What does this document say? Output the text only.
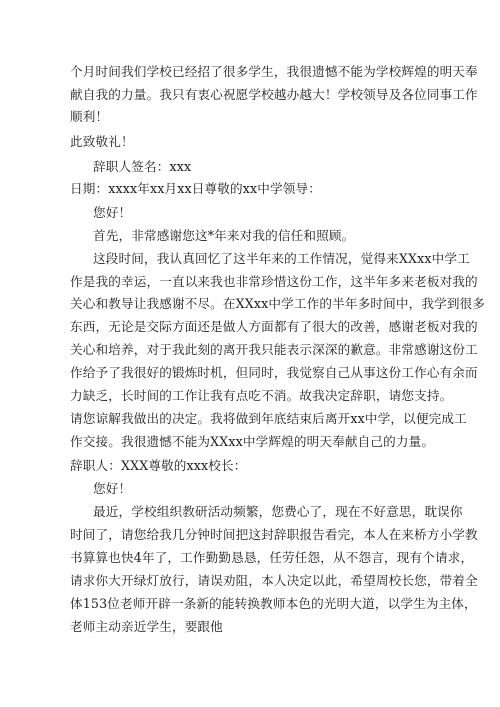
个月时间我们学校已经招了很多学生，我很遗憾不能为学校辉煌的明天奉
献自我的力量。我只有衷心祝愿学校越办越大！学校领导及各位同事工作
顺利！
此致敬礼！
辞职人签名：xxx
日期：xxxx年xx月xx日尊敬的xx中学领导：
您好！
首先，非常感谢您这*年来对我的信任和照顾。
这段时间，我认真回忆了这半年来的工作情况，觉得来XXxx中学工
作是我的幸运，一直以来我也非常珍惜这份工作，这半年多来老板对我的
关心和教导让我感谢不尽。在XXxx中学工作的半年多时间中，我学到很多
东西，无论是交际方面还是做人方面都有了很大的改善，感谢老板对我的
关心和培养，对于我此刻的离开我只能表示深深的歉意。非常感谢这份工
作给予了我很好的锻炼时机，但同时，我觉察自己从事这份工作心有余而
力缺乏，长时间的工作让我有点吃不消。故我决定辞职，请您支持。
请您谅解我做出的决定。我将做到年底结束后离开xx中学，以便完成工
作交接。我很遗憾不能为XXxx中学辉煌的明天奉献自己的力量。
辞职人：XXX尊敬的xxx校长：
您好！
最近，学校组织教研活动频繁，您费心了，现在不好意思，耽误你
时间了，请您给我几分钟时间把这封辞职报告看完，本人在来桥方小学教
书算算也快4年了，工作勤勤恳恳，任劳任怨，从不怨言，现有个请求，
请求你大开绿灯放行，请误劝阻，本人决定以此，希望周校长您，带着全
体153位老师开辟一条新的能转换教师本色的光明大道，以学生为主体，
老师主动亲近学生，要跟他
